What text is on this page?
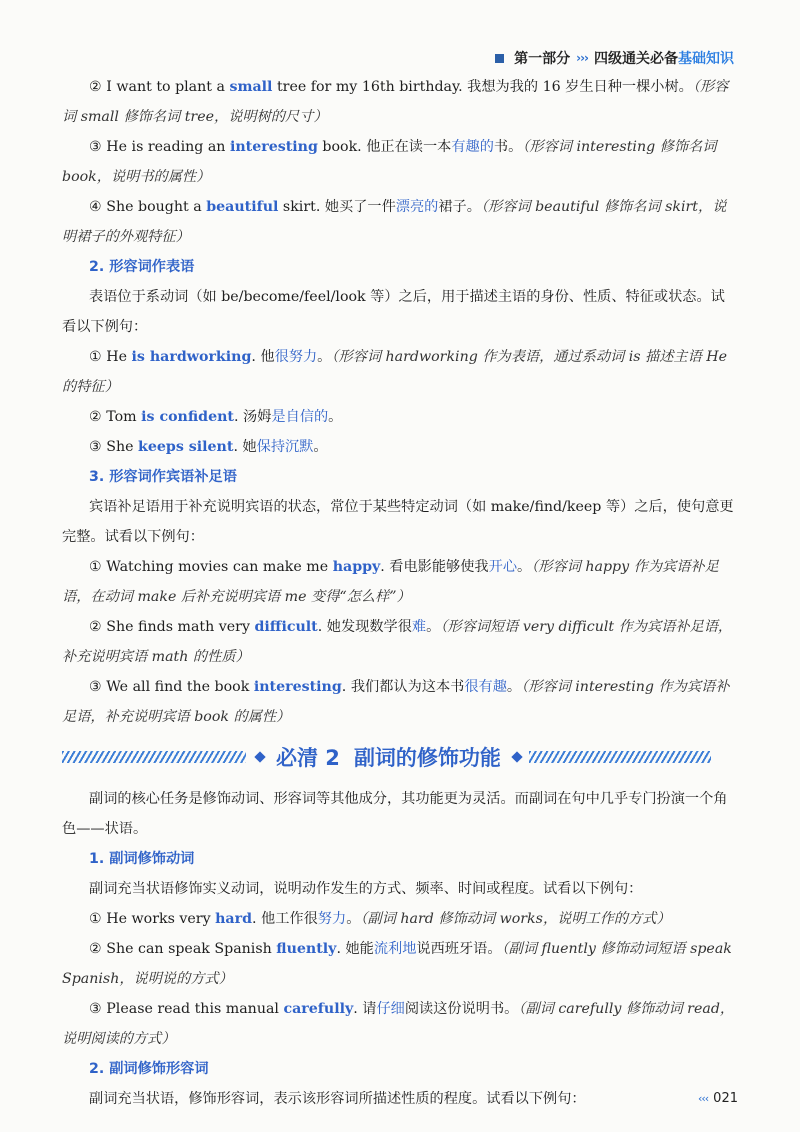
第一部分 ››› 四级通关必备 基础知识

② I want to plant a small tree for my 16th birthday. 我想为我的 16 岁生日种一棵小树。（形容词 small 修饰名词 tree，说明树的尺寸）

③ He is reading an interesting book. 他正在读一本有趣的书。（形容词 interesting 修饰名词 book，说明书的属性）

④ She bought a beautiful skirt. 她买了一件漂亮的裙子。（形容词 beautiful 修饰名词 skirt，说明裙子的外观特征）

2. 形容词作表语

表语位于系动词（如 be/become/feel/look 等）之后，用于描述主语的身份、性质、特征或状态。试看以下例句：

① He is hardworking. 他很努力。（形容词 hardworking 作为表语，通过系动词 is 描述主语 He 的特征）

② Tom is confident. 汤姆是自信的。

③ She keeps silent. 她保持沉默。

3. 形容词作宾语补足语

宾语补足语用于补充说明宾语的状态，常位于某些特定动词（如 make/find/keep 等）之后，使句意更完整。试看以下例句：

① Watching movies can make me happy. 看电影能够使我开心。（形容词 happy 作为宾语补足语，在动词 make 后补充说明宾语 me 变得“怎么样”）

② She finds math very difficult. 她发现数学很难。（形容词短语 very difficult 作为宾语补足语，补充说明宾语 math 的性质）

③ We all find the book interesting. 我们都认为这本书很有趣。（形容词 interesting 作为宾语补足语，补充说明宾语 book 的属性）

必清 2 副词的修饰功能

副词的核心任务是修饰动词、形容词等其他成分，其功能更为灵活。而副词在句中几乎专门扮演一个角色——状语。

1. 副词修饰动词

副词充当状语修饰实义动词，说明动作发生的方式、频率、时间或程度。试看以下例句：

① He works very hard. 他工作很努力。（副词 hard 修饰动词 works，说明工作的方式）

② She can speak Spanish fluently. 她能流利地说西班牙语。（副词 fluently 修饰动词短语 speak Spanish，说明说的方式）

③ Please read this manual carefully. 请仔细阅读这份说明书。（副词 carefully 修饰动词 read，说明阅读的方式）

2. 副词修饰形容词

副词充当状语，修饰形容词，表示该形容词所描述性质的程度。试看以下例句：	‹‹‹ 021
